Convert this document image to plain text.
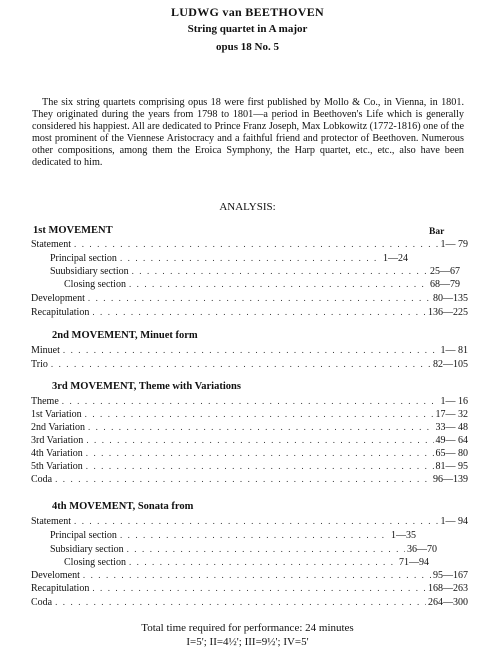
LUDWG van BEETHOVEN
String quartet in A major
opus 18 No. 5

The six string quartets comprising opus 18 were first published by Mollo & Co., in Vienna, in 1801. They originated during the years from 1798 to 1801—a period in Beethoven's Life which is generally considered his happiest. All are dedicated to Prince Franz Joseph, Max Lobkowitz (1772-1816) one of the most prominent of the Viennese Aristocracy and a faithful friend and protector of Beethoven. Numerous other compositions, among them the Eroica Symphony, the Harp quartet, etc., etc., also have been dedicated to him.

ANALYSIS:
1st MOVEMENT	Bar
Statement . . .	1— 79
Principal section . . .	1—24
Suubsidiary section . . .	25—67
Closing section . . .	68—79
Development . . .	80—135
Recapitulation . . .	136—225
2nd MOVEMENT, Minuet form
Minuet . . .	1— 81
Trio . . .	82—105
3rd MOVEMENT, Theme with Variations
Theme . . .	1— 16
1st Variation . . .	17— 32
2nd Variation . . .	33— 48
3rd Variation . . .	49— 64
4th Variation . . .	65— 80
5th Variation . . .	81— 95
Coda . . .	96—139
4th MOVEMENT, Sonata from
Statement . . .	1— 94
Principal section . . .	1—35
Subsidiary section . . .	36—70
Closing section . . .	71—94
Develoment . . .	95—167
Recapitulation . . .	168—263
Coda . . .	264—300
Total time required for performance: 24 minutes
I=5'; II=4½'; III=9½'; IV=5'
